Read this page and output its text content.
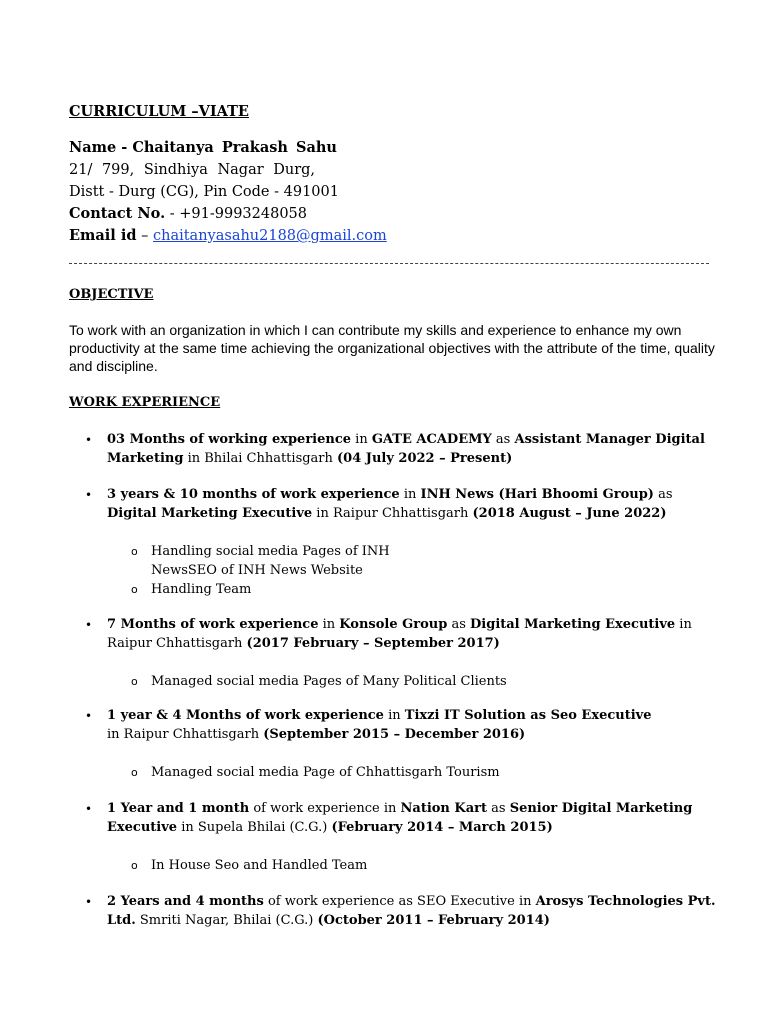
CURRICULUM –VIATE
Name - Chaitanya Prakash Sahu
21/ 799, Sindhiya Nagar Durg,
Distt - Durg (CG), Pin Code - 491001
Contact No. - +91-9993248058
Email id – chaitanyasahu2188@gmail.com
OBJECTIVE
To work with an organization in which I can contribute my skills and experience to enhance my own productivity at the same time achieving the organizational objectives with the attribute of the time, quality and discipline.
WORK EXPERIENCE
•	03 Months of working experience in GATE ACADEMY as Assistant Manager Digital Marketing in Bhilai Chhattisgarh (04 July 2022 – Present)
•	3 years & 10 months of work experience in INH News (Hari Bhoomi Group) as Digital Marketing Executive in Raipur Chhattisgarh (2018 August – June 2022)
o Handling social media Pages of INH
NewsSEO of INH News Website
o Handling Team
•	7 Months of work experience in Konsole Group as Digital Marketing Executive in Raipur Chhattisgarh (2017 February – September 2017)
o Managed social media Pages of Many Political Clients
•	1 year & 4 Months of work experience in Tixzi IT Solution as Seo Executive
in Raipur Chhattisgarh (September 2015 – December 2016)
o Managed social media Page of Chhattisgarh Tourism
•	1 Year and 1 month of work experience in Nation Kart as Senior Digital Marketing Executive in Supela Bhilai (C.G.) (February 2014 – March 2015)
o In House Seo and Handled Team
•	2 Years and 4 months of work experience as SEO Executive in Arosys Technologies Pvt. Ltd. Smriti Nagar, Bhilai (C.G.) (October 2011 – February 2014)
